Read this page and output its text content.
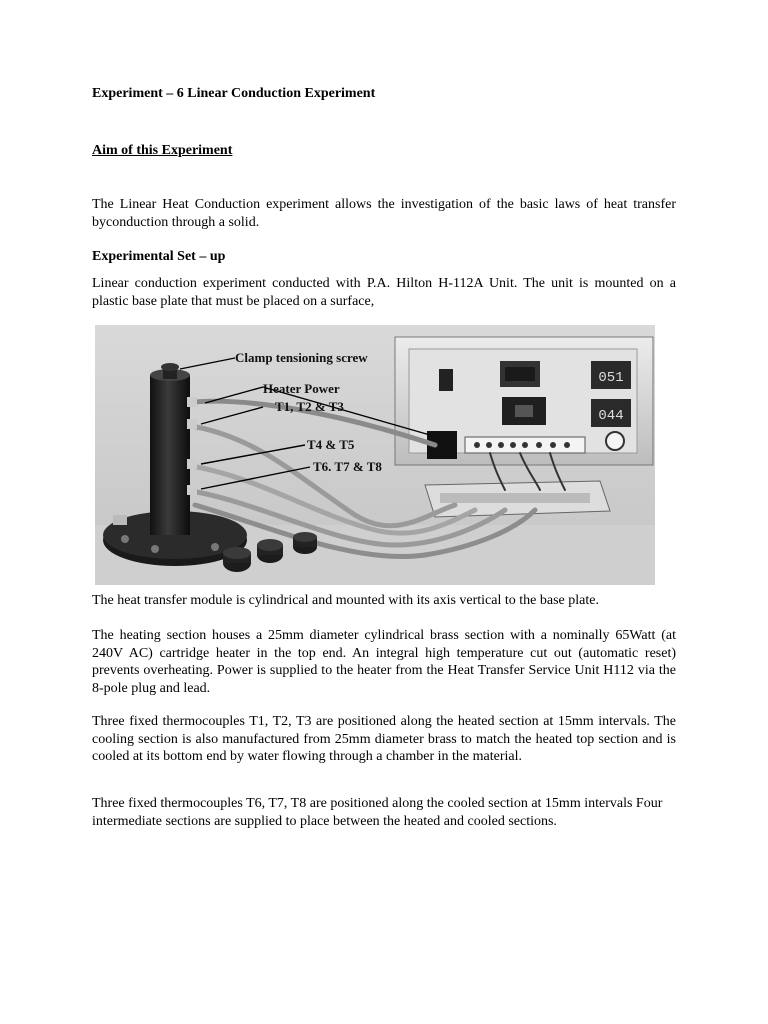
Experiment – 6 Linear Conduction Experiment
Aim of this Experiment
The Linear Heat Conduction experiment allows the investigation of the basic laws of heat transfer byconduction through a solid.
Experimental Set – up
Linear conduction experiment conducted with P.A. Hilton H-112A Unit. The unit is mounted on a plastic base plate that must be placed on a surface,
051
044
Clamp tensioning screw
Heater Power
T1, T2 & T3
T4 & T5
T6. T7 & T8
The heat transfer module is cylindrical and mounted with its axis vertical to the base plate.
The heating section houses a 25mm diameter cylindrical brass section with a nominally 65Watt (at 240V AC) cartridge heater in the top end. An integral high temperature cut out (automatic reset) prevents overheating. Power is supplied to the heater from the Heat Transfer Service Unit H112 via the 8-pole plug and lead.
Three fixed thermocouples T1, T2, T3 are positioned along the heated section at 15mm intervals. The cooling section is also manufactured from 25mm diameter brass to match the heated top section and is cooled at its bottom end by water flowing through a chamber in the material.
Three fixed thermocouples T6, T7, T8 are positioned along the cooled section at 15mm intervals Four intermediate sections are supplied to place between the heated and cooled sections.
